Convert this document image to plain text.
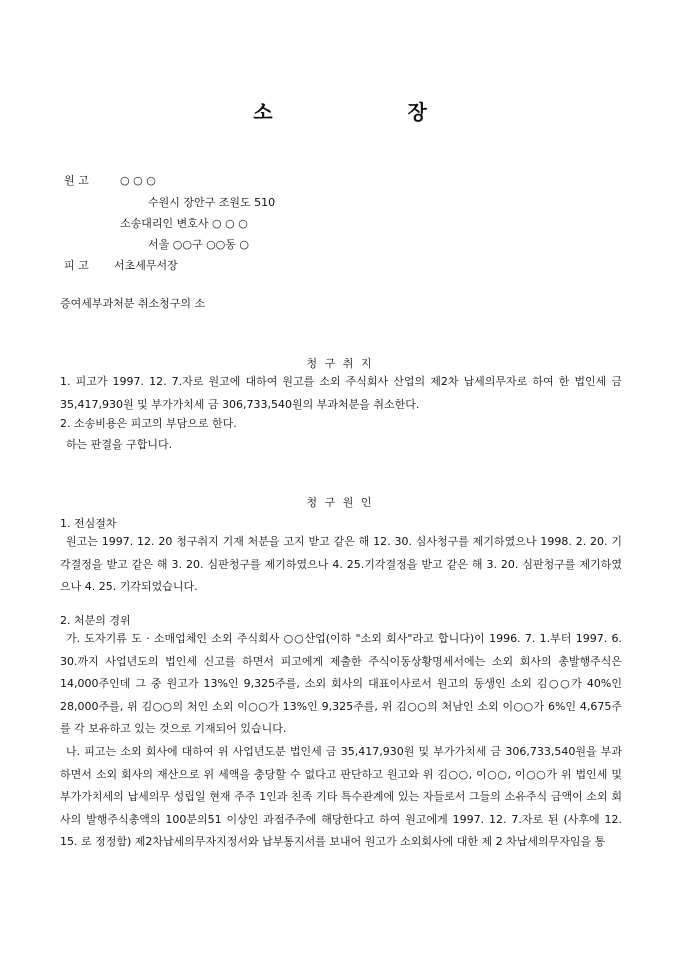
소 장
원 고	○ ○ ○
수원시 장안구 조원도 510
소송대리인 변호사 ○ ○ ○
서울 ○○구 ○○동 ○
피 고 서초세무서장
증여세부과처분 취소청구의 소
청 구 취 지
1. 피고가 1997. 12. 7.자로 원고에 대하여 원고를 소외 주식회사 산업의 제2차 납세의무자로 하여 한 법인세 금 35,417,930원 및 부가가치세 금 306,733,540원의 부과처분을 취소한다.
2. 소송비용은 피고의 부담으로 한다.
하는 판결을 구합니다.
청 구 원 인
1. 전심절차
원고는 1997. 12. 20 청구취지 기재 처분을 고지 받고 같은 해 12. 30. 심사청구를 제기하였으나 1998. 2. 20. 기각결정을 받고 같은 해 3. 20. 심판청구를 제기하였으나 4. 25.기각결정을 받고 같은 해 3. 20. 심판청구를 제기하였으나 4. 25. 기각되었습니다.
2. 처분의 경위
가. 도자기류 도 · 소매업체인 소외 주식회사 ○○산업(이하 "소외 회사"라고 합니다)이 1996. 7. 1.부터 1997. 6. 30.까지 사업년도의 법인세 신고를 하면서 피고에게 제출한 주식이동상황명세서에는 소외 회사의 총발행주식은 14,000주인데 그 중 원고가 13%인 9,325주를, 소외 회사의 대표이사로서 원고의 동생인 소외 김○○가 40%인 28,000주를, 위 김○○의 처인 소외 이○○가 13%인 9,325주를, 위 김○○의 처남인 소외 이○○가 6%인 4,675주를 각 보유하고 있는 것으로 기재되어 있습니다.
나. 피고는 소외 회사에 대하여 위 사업년도분 법인세 금 35,417,930원 및 부가가치세 금 306,733,540원을 부과하면서 소외 회사의 재산으로 위 세액을 충당할 수 없다고 판단하고 원고와 위 김○○, 이○○, 이○○가 위 법인세 및 부가가치세의 납세의무 성립일 현재 주주 1인과 친족 기타 특수관계에 있는 자들로서 그들의 소유주식 금액이 소외 회사의 발행주식총액의 100분의51 이상인 과점주주에 해당한다고 하여 원고에게 1997. 12. 7.자로 된 (사후에 12. 15. 로 정정함) 제2차납세의무자지정서와 납부통지서를 보내어 원고가 소외회사에 대한 제 2 차납세의무자임을 통
